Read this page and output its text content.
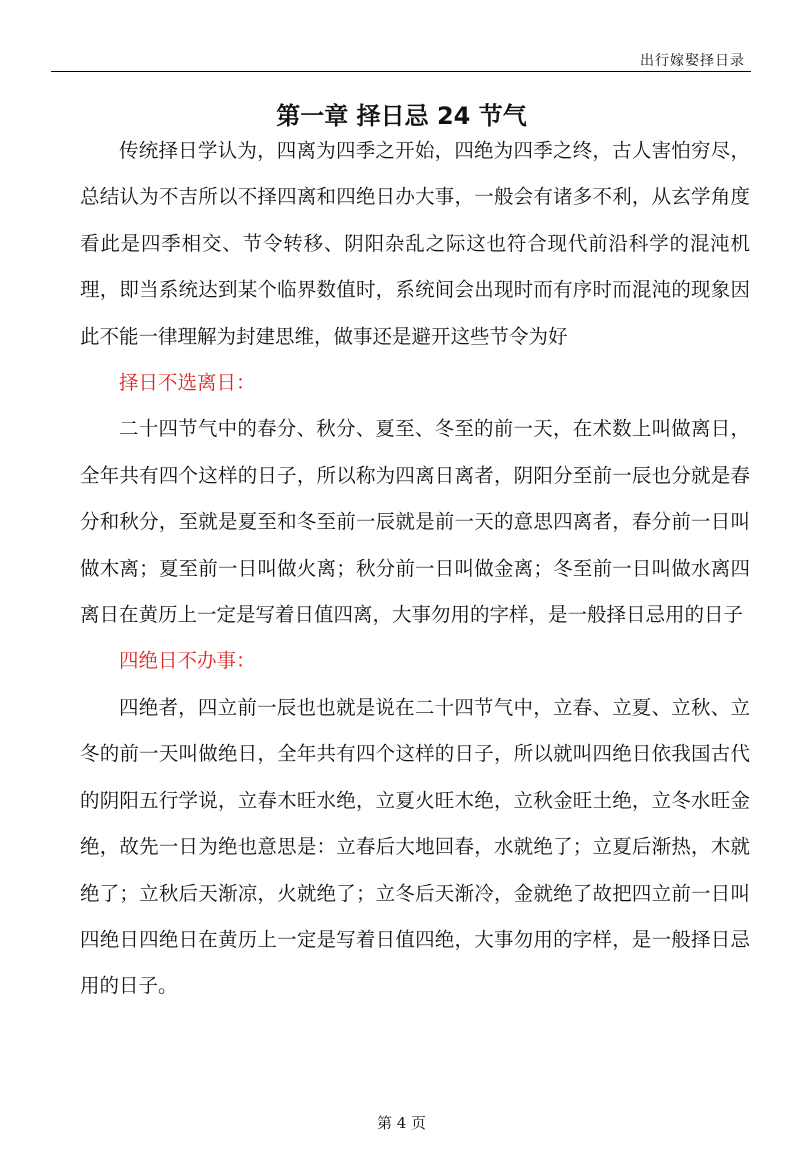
出行嫁娶择日录
第一章 择日忌 24 节气

传统择日学认为，四离为四季之开始，四绝为四季之终，古人害怕穷尽，总结认为不吉所以不择四离和四绝日办大事，一般会有诸多不利，从玄学角度看此是四季相交、节令转移、阴阳杂乱之际这也符合现代前沿科学的混沌机理，即当系统达到某个临界数值时，系统间会出现时而有序时而混沌的现象因此不能一律理解为封建思维，做事还是避开这些节令为好

择日不选离日：

二十四节气中的春分、秋分、夏至、冬至的前一天，在术数上叫做离日，全年共有四个这样的日子，所以称为四离日离者，阴阳分至前一辰也分就是春分和秋分，至就是夏至和冬至前一辰就是前一天的意思四离者，春分前一日叫做木离；夏至前一日叫做火离；秋分前一日叫做金离；冬至前一日叫做水离四离日在黄历上一定是写着日值四离，大事勿用的字样，是一般择日忌用的日子

四绝日不办事：

四绝者，四立前一辰也也就是说在二十四节气中，立春、立夏、立秋、立冬的前一天叫做绝日，全年共有四个这样的日子，所以就叫四绝日依我国古代的阴阳五行学说，立春木旺水绝，立夏火旺木绝，立秋金旺土绝，立冬水旺金绝，故先一日为绝也意思是：立春后大地回春，水就绝了；立夏后渐热，木就绝了；立秋后天渐凉，火就绝了；立冬后天渐冷，金就绝了故把四立前一日叫四绝日四绝日在黄历上一定是写着日值四绝，大事勿用的字样，是一般择日忌用的日子。

第 4 页
